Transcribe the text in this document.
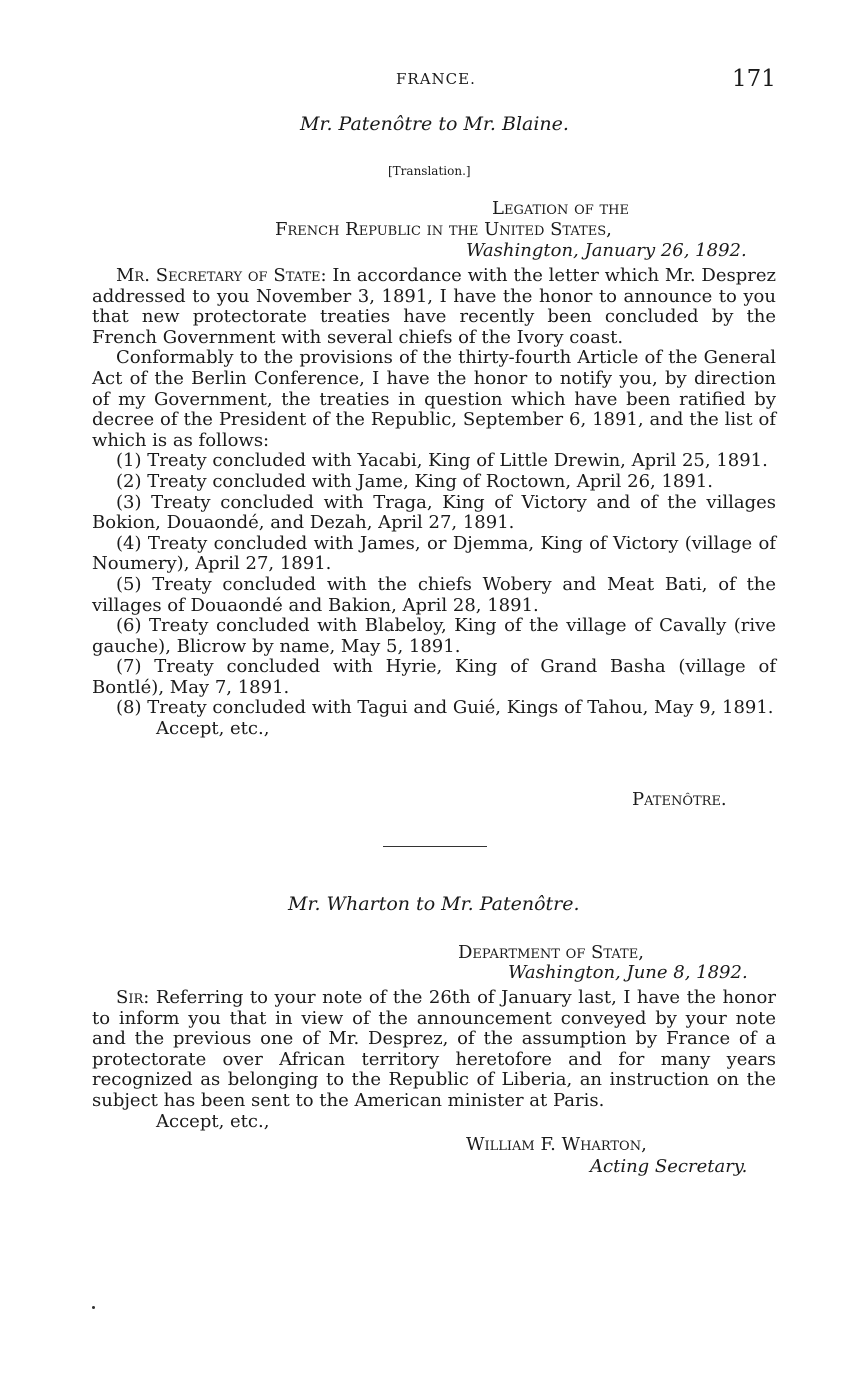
FRANCE.	171
Mr. Patenôtre to Mr. Blaine.
[Translation.]
Legation of the
French Republic in the United States,
Washington, January 26, 1892.

Mr. Secretary of State: In accordance with the letter which Mr. Desprez addressed to you November 3, 1891, I have the honor to announce to you that new protectorate treaties have recently been concluded by the French Government with several chiefs of the Ivory coast.

Conformably to the provisions of the thirty-fourth Article of the General Act of the Berlin Conference, I have the honor to notify you, by direction of my Government, the treaties in question which have been ratified by decree of the President of the Republic, September 6, 1891, and the list of which is as follows:

(1) Treaty concluded with Yacabi, King of Little Drewin, April 25, 1891.

(2) Treaty concluded with Jame, King of Roctown, April 26, 1891.

(3) Treaty concluded with Traga, King of Victory and of the villages Bokion, Douaondé, and Dezah, April 27, 1891.

(4) Treaty concluded with James, or Djemma, King of Victory (village of Noumery), April 27, 1891.

(5) Treaty concluded with the chiefs Wobery and Meat Bati, of the villages of Douaondé and Bakion, April 28, 1891.

(6) Treaty concluded with Blabeloy, King of the village of Cavally (rive gauche), Blicrow by name, May 5, 1891.

(7) Treaty concluded with Hyrie, King of Grand Basha (village of Bontlé), May 7, 1891.

(8) Treaty concluded with Tagui and Guié, Kings of Tahou, May 9, 1891.

Accept, etc.,

Patenôtre.
Mr. Wharton to Mr. Patenôtre.
Department of State,
Washington, June 8, 1892.

Sir: Referring to your note of the 26th of January last, I have the honor to inform you that in view of the announcement conveyed by your note and the previous one of Mr. Desprez, of the assumption by France of a protectorate over African territory heretofore and for many years recognized as belonging to the Republic of Liberia, an instruction on the subject has been sent to the American minister at Paris.

Accept, etc.,

William F. Wharton,
Acting Secretary.
